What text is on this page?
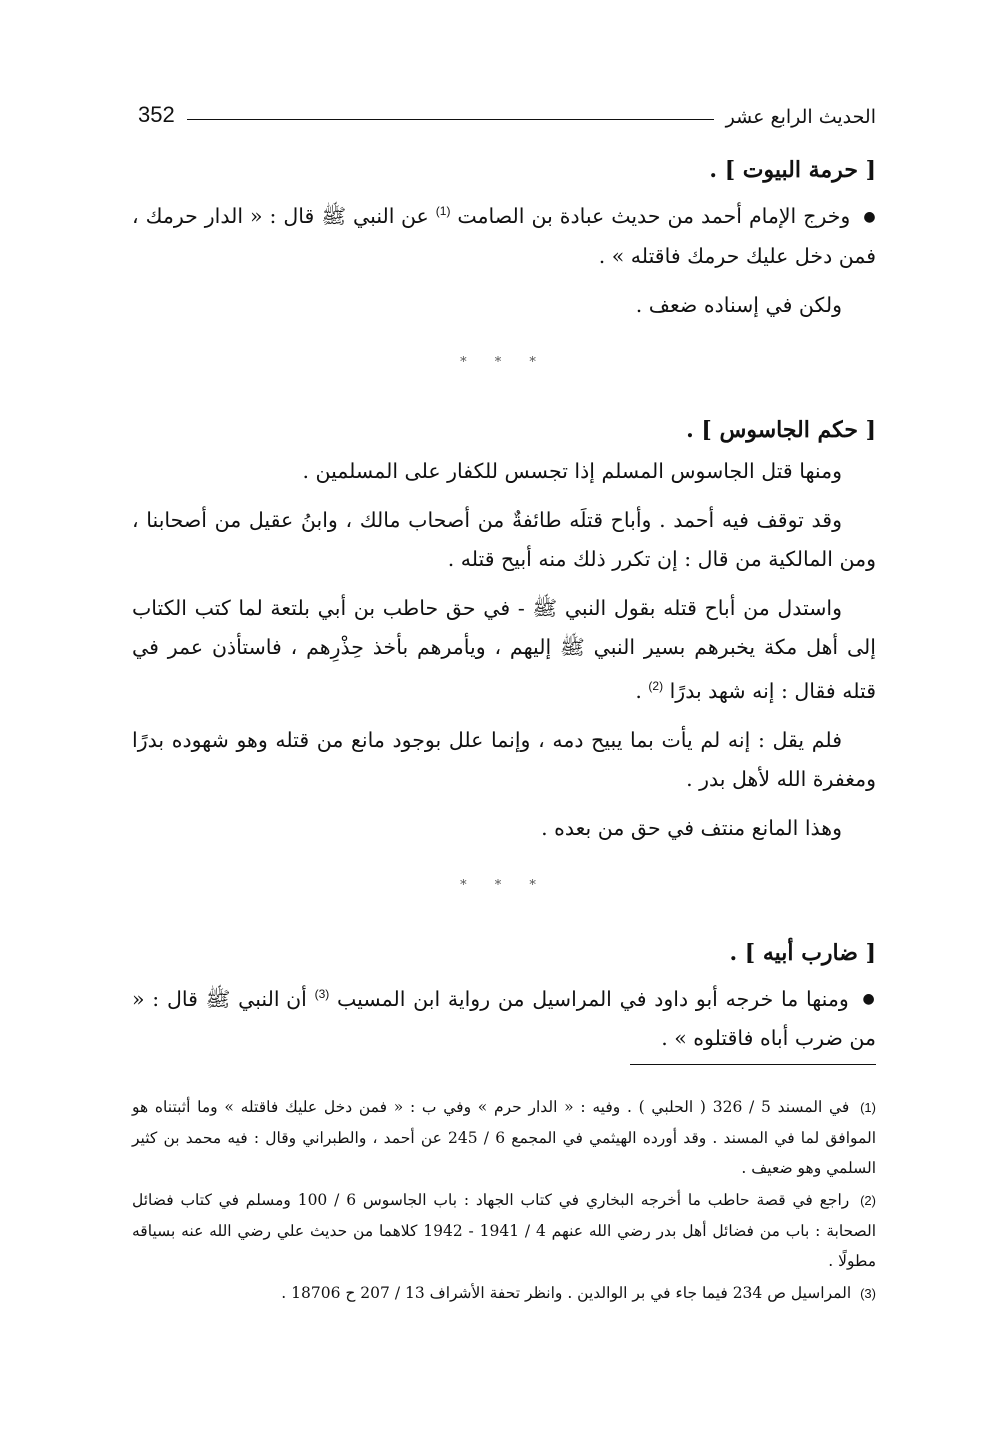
352	الحديث الرابع عشر
[ حرمة البيوت ] .

● وخرج الإمام أحمد من حديث عبادة بن الصامت $^{(1)}$ عن النبي ﷺ قال : « الدار حرمك ، فمن دخل عليك حرمك فاقتله » .

ولكن في إسناده ضعف .

* * *
[ حكم الجاسوس ] .

ومنها قتل الجاسوس المسلم إذا تجسس للكفار على المسلمين .

وقد توقف فيه أحمد . وأباح قتلَه طائفةٌ من أصحاب مالك ، وابنُ عقيل من أصحابنا ، ومن المالكية من قال : إن تكرر ذلك منه أبيح قتله .

واستدل من أباح قتله بقول النبي ﷺ - في حق حاطب بن أبي بلتعة لما كتب الكتاب إلى أهل مكة يخبرهم بسير النبي ﷺ إليهم ، ويأمرهم بأخذ حِذْرِهم ، فاستأذن عمر في قتله فقال : إنه شهد بدرًا $^{(2)}$ .

فلم يقل : إنه لم يأت بما يبيح دمه ، وإنما علل بوجود مانع من قتله وهو شهوده بدرًا ومغفرة الله لأهل بدر .

وهذا المانع منتف في حق من بعده .

* * *
[ ضارب أبيه ] .

● ومنها ما خرجه أبو داود في المراسيل من رواية ابن المسيب $^{(3)}$ أن النبي ﷺ قال : « من ضرب أباه فاقتلوه » .

(1) في المسند 5 / 326 ( الحلبي ) . وفيه : « الدار حرم » وفي ب : « فمن دخل عليك فاقتله » وما أثبتناه هو الموافق لما في المسند . وقد أورده الهيثمي في المجمع 6 / 245 عن أحمد ، والطبراني وقال : فيه محمد بن كثير السلمي وهو ضعيف .

(2) راجع في قصة حاطب ما أخرجه البخاري في كتاب الجهاد : باب الجاسوس 6 / 100 ومسلم في كتاب فضائل الصحابة : باب من فضائل أهل بدر رضي الله عنهم 4 / 1941 - 1942 كلاهما من حديث علي رضي الله عنه بسياقه مطولًا .

(3) المراسيل ص 234 فيما جاء في بر الوالدين . وانظر تحفة الأشراف 13 / 207 ح 18706 .
